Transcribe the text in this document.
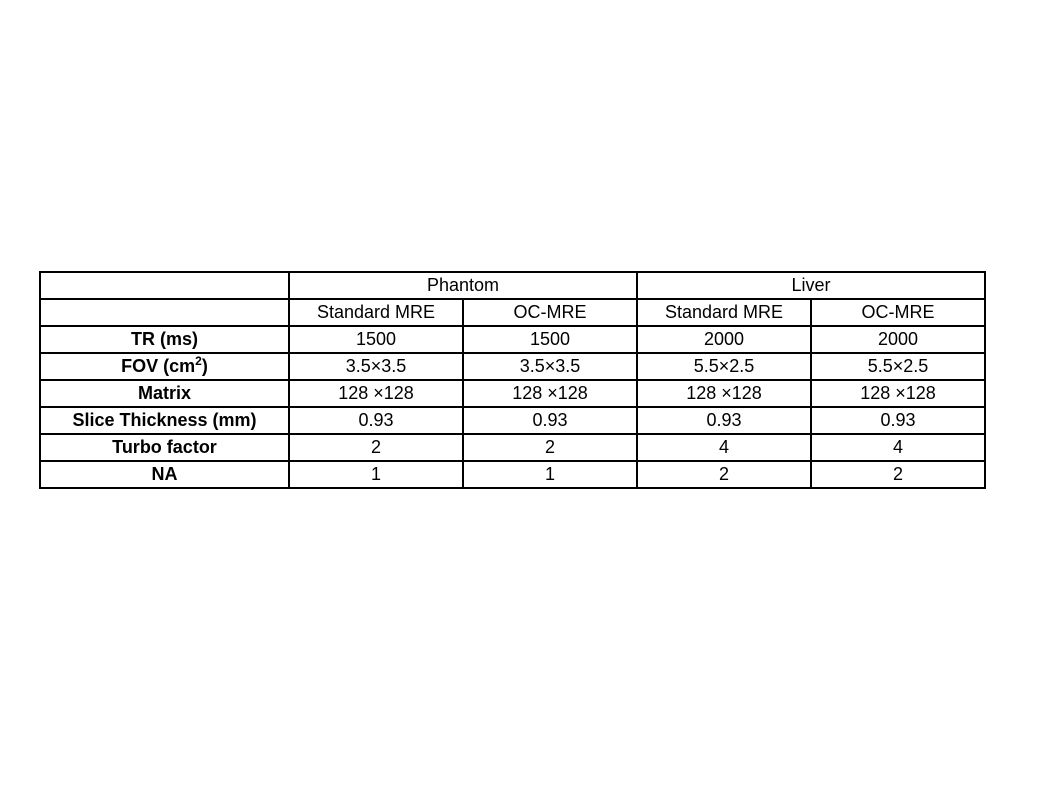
	Phantom		Liver	
	Standard MRE	OC-MRE	Standard MRE	OC-MRE
TR (ms)	1500	1500	2000	2000
FOV $(cm^2)$	3.5×3.5	3.5×3.5	5.5×2.5	5.5×2.5
Matrix	128 ×128	128 ×128	128 ×128	128 ×128
Slice Thickness (mm)	0.93	0.93	0.93	0.93
Turbo factor	2	2	4	4
NA	1	1	2	2
